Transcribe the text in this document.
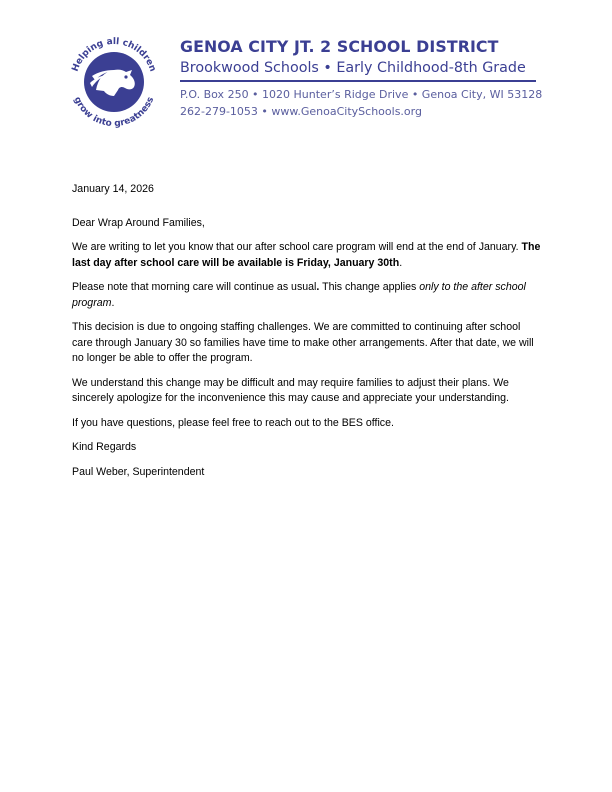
Helping all children
grow into greatness
GENOA CITY JT. 2 SCHOOL DISTRICT
Brookwood Schools • Early Childhood-8th Grade
P.O. Box 250 • 1020 Hunter’s Ridge Drive • Genoa City, WI 53128
262-279-1053 • www.GenoaCitySchools.org

January 14, 2026

Dear Wrap Around Families,

We are writing to let you know that our after school care program will end at the end of January. The last day after school care will be available is Friday, January 30th.

Please note that morning care will continue as usual. This change applies only to the after school program.

This decision is due to ongoing staffing challenges. We are committed to continuing after school care through January 30 so families have time to make other arrangements. After that date, we will no longer be able to offer the program.

We understand this change may be difficult and may require families to adjust their plans. We sincerely apologize for the inconvenience this may cause and appreciate your understanding.

If you have questions, please feel free to reach out to the BES office.

Kind Regards

Paul Weber, Superintendent
